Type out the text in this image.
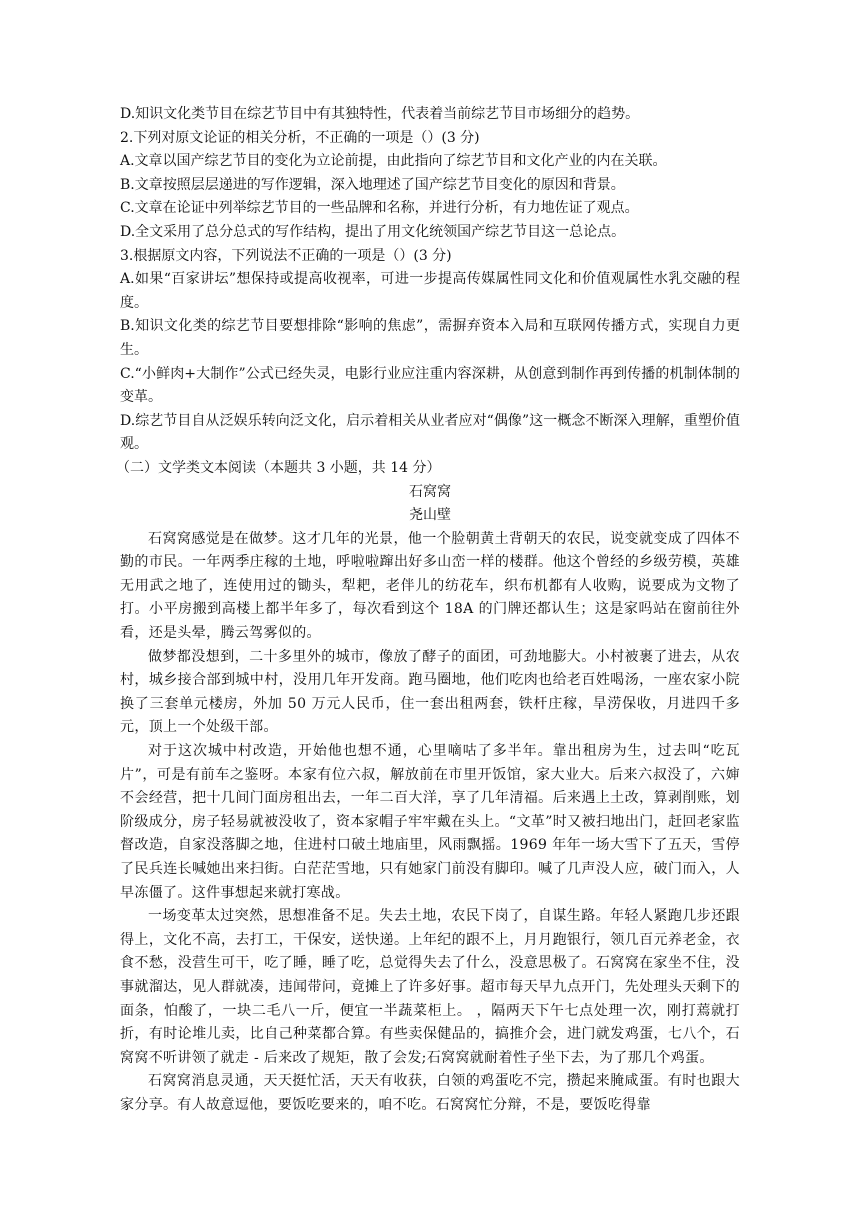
D.知识文化类节目在综艺节目中有其独特性，代表着当前综艺节目市场细分的趋势。

2.下列对原文论证的相关分析，不正确的一项是（）(3 分)

A.文章以国产综艺节目的变化为立论前提，由此指向了综艺节目和文化产业的内在关联。

B.文章按照层层递进的写作逻辑，深入地理述了国产综艺节目变化的原因和背景。

C.文章在论证中列举综艺节目的一些品牌和名称，并进行分析，有力地佐证了观点。

D.全文采用了总分总式的写作结构，提出了用文化统领国产综艺节目这一总论点。

3.根据原文内容，下列说法不正确的一项是（）(3 分)

A.如果“百家讲坛”想保持或提高收视率，可进一步提高传媒属性同文化和价值观属性水乳交融的程度。

B.知识文化类的综艺节目要想排除“影响的焦虑”，需摒弃资本入局和互联网传播方式，实现自力更生。

C.“小鲜肉+大制作”公式已经失灵，电影行业应注重内容深耕，从创意到制作再到传播的机制体制的变革。

D.综艺节目自从泛娱乐转向泛文化，启示着相关从业者应对“偶像”这一概念不断深入理解，重塑价值观。

（二）文学类文本阅读（本题共 3 小题，共 14 分）

石窝窝

尧山壁

石窝窝感觉是在做梦。这才几年的光景，他一个脸朝黄土背朝天的农民，说变就变成了四体不勤的市民。一年两季庄稼的土地，呼啦啦蹿出好多山峦一样的楼群。他这个曾经的乡级劳模，英雄无用武之地了，连使用过的锄头，犁耙，老伴儿的纺花车，织布机都有人收购，说要成为文物了打。小平房搬到高楼上都半年多了，每次看到这个 18A 的门牌还都认生；这是家吗站在窗前往外看，还是头晕，腾云驾雾似的。

做梦都没想到，二十多里外的城市，像放了酵子的面团，可劲地膨大。小村被裹了进去，从农村，城乡接合部到城中村，没用几年开发商。跑马圈地，他们吃肉也给老百姓喝汤，一座农家小院换了三套单元楼房，外加 50 万元人民币，住一套出租两套，铁杆庄稼，旱涝保收，月进四千多元，顶上一个处级干部。

对于这次城中村改造，开始他也想不通，心里嘀咕了多半年。靠出租房为生，过去叫“吃瓦片”，可是有前车之鉴呀。本家有位六叔，解放前在市里开饭馆，家大业大。后来六叔没了，六婶不会经营，把十几间门面房租出去，一年二百大洋，享了几年清福。后来遇上土改，算剥削账，划阶级成分，房子轻易就被没收了，资本家帽子牢牢戴在头上。“文革”时又被扫地出门，赶回老家监督改造，自家没落脚之地，住进村口破土地庙里，风雨飘摇。1969 年年一场大雪下了五天，雪停了民兵连长喊她出来扫街。白茫茫雪地，只有她家门前没有脚印。喊了几声没人应，破门而入，人早冻僵了。这件事想起来就打寒战。

一场变革太过突然，思想准备不足。失去土地，农民下岗了，自谋生路。年轻人紧跑几步还跟得上，文化不高，去打工，干保安，送快递。上年纪的跟不上，月月跑银行，领几百元养老金，衣食不愁，没营生可干，吃了睡，睡了吃，总觉得失去了什么，没意思极了。石窝窝在家坐不住，没事就溜达，见人群就凑，违闻带问，竟摊上了许多好事。超市每天早九点开门，先处理头天剩下的面条，怕酸了，一块二毛八一斤，便宜一半蔬菜柜上。 ，隔两天下午七点处理一次，刚打蔫就打折，有时论堆儿卖，比自己种菜都合算。有些卖保健品的，搞推介会，进门就发鸡蛋，七八个，石窝窝不听讲领了就走 - 后来改了规矩，散了会发;石窝窝就耐着性子坐下去，为了那几个鸡蛋。

石窝窝消息灵通，天天挺忙活，天天有收获，白领的鸡蛋吃不完，攒起来腌咸蛋。有时也跟大家分享。有人故意逗他，要饭吃要来的，咱不吃。石窝窝忙分辩，不是，要饭吃得靠
